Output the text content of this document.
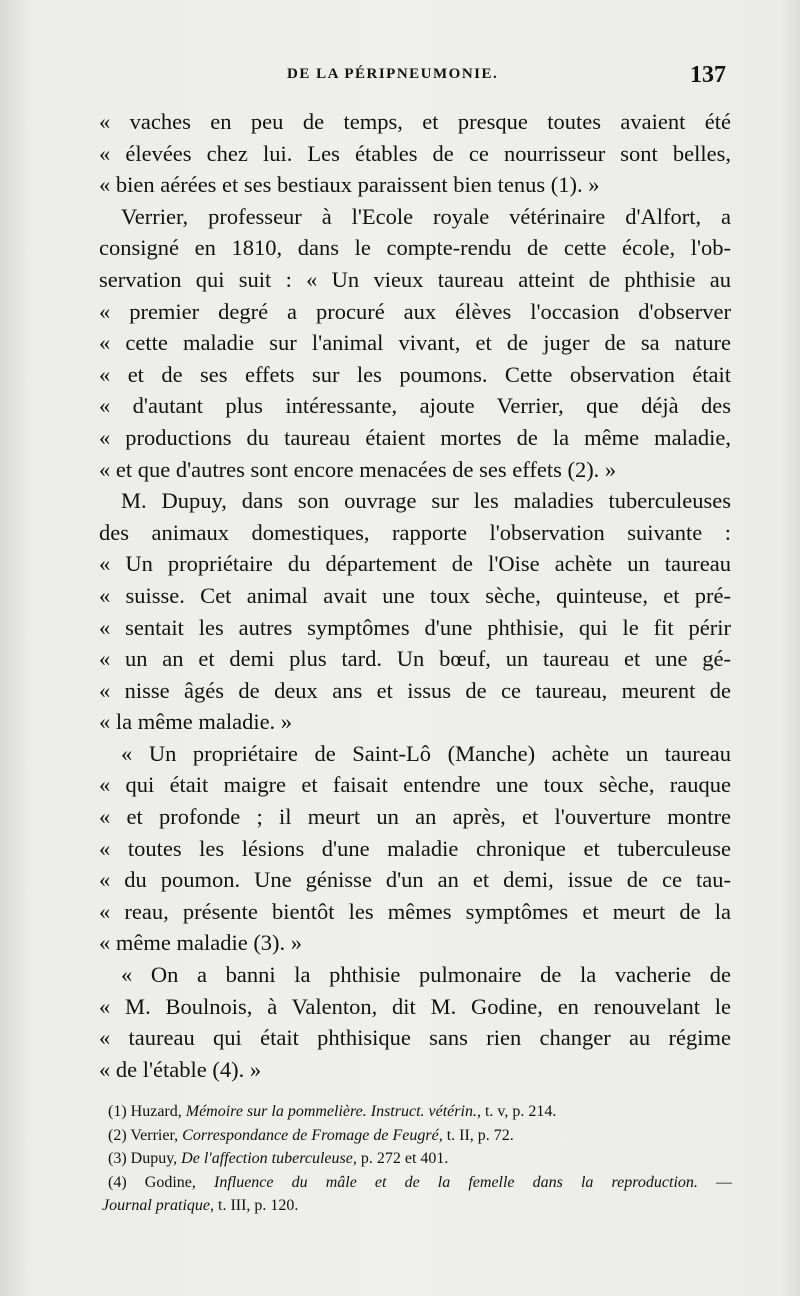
DE LA PÉRIPNEUMONIE.	137
« vaches en peu de temps, et presque toutes avaient été
« élevées chez lui. Les étables de ce nourrisseur sont belles,
« bien aérées et ses bestiaux paraissent bien tenus (1). »
Verrier, professeur à l'Ecole royale vétérinaire d'Alfort, a
consigné en 1810, dans le compte-rendu de cette école, l'ob-
servation qui suit : « Un vieux taureau atteint de phthisie au
« premier degré a procuré aux élèves l'occasion d'observer
« cette maladie sur l'animal vivant, et de juger de sa nature
« et de ses effets sur les poumons. Cette observation était
« d'autant plus intéressante, ajoute Verrier, que déjà des
« productions du taureau étaient mortes de la même maladie,
« et que d'autres sont encore menacées de ses effets (2). »
M. Dupuy, dans son ouvrage sur les maladies tuberculeuses
des animaux domestiques, rapporte l'observation suivante :
« Un propriétaire du département de l'Oise achète un taureau
« suisse. Cet animal avait une toux sèche, quinteuse, et pré-
« sentait les autres symptômes d'une phthisie, qui le fit périr
« un an et demi plus tard. Un bœuf, un taureau et une gé-
« nisse âgés de deux ans et issus de ce taureau, meurent de
« la même maladie. »
« Un propriétaire de Saint-Lô (Manche) achète un taureau
« qui était maigre et faisait entendre une toux sèche, rauque
« et profonde ; il meurt un an après, et l'ouverture montre
« toutes les lésions d'une maladie chronique et tuberculeuse
« du poumon. Une génisse d'un an et demi, issue de ce tau-
« reau, présente bientôt les mêmes symptômes et meurt de la
« même maladie (3). »
« On a banni la phthisie pulmonaire de la vacherie de
« M. Boulnois, à Valenton, dit M. Godine, en renouvelant le
« taureau qui était phthisique sans rien changer au régime
« de l'étable (4). »
(1) Huzard, Mémoire sur la pommelière. Instruct. vétérin., t. v, p. 214.
(2) Verrier, Correspondance de Fromage de Feugré, t. II, p. 72.
(3) Dupuy, De l'affection tuberculeuse, p. 272 et 401.
(4) Godine, Influence du mâle et de la femelle dans la reproduction. —
Journal pratique, t. III, p. 120.
